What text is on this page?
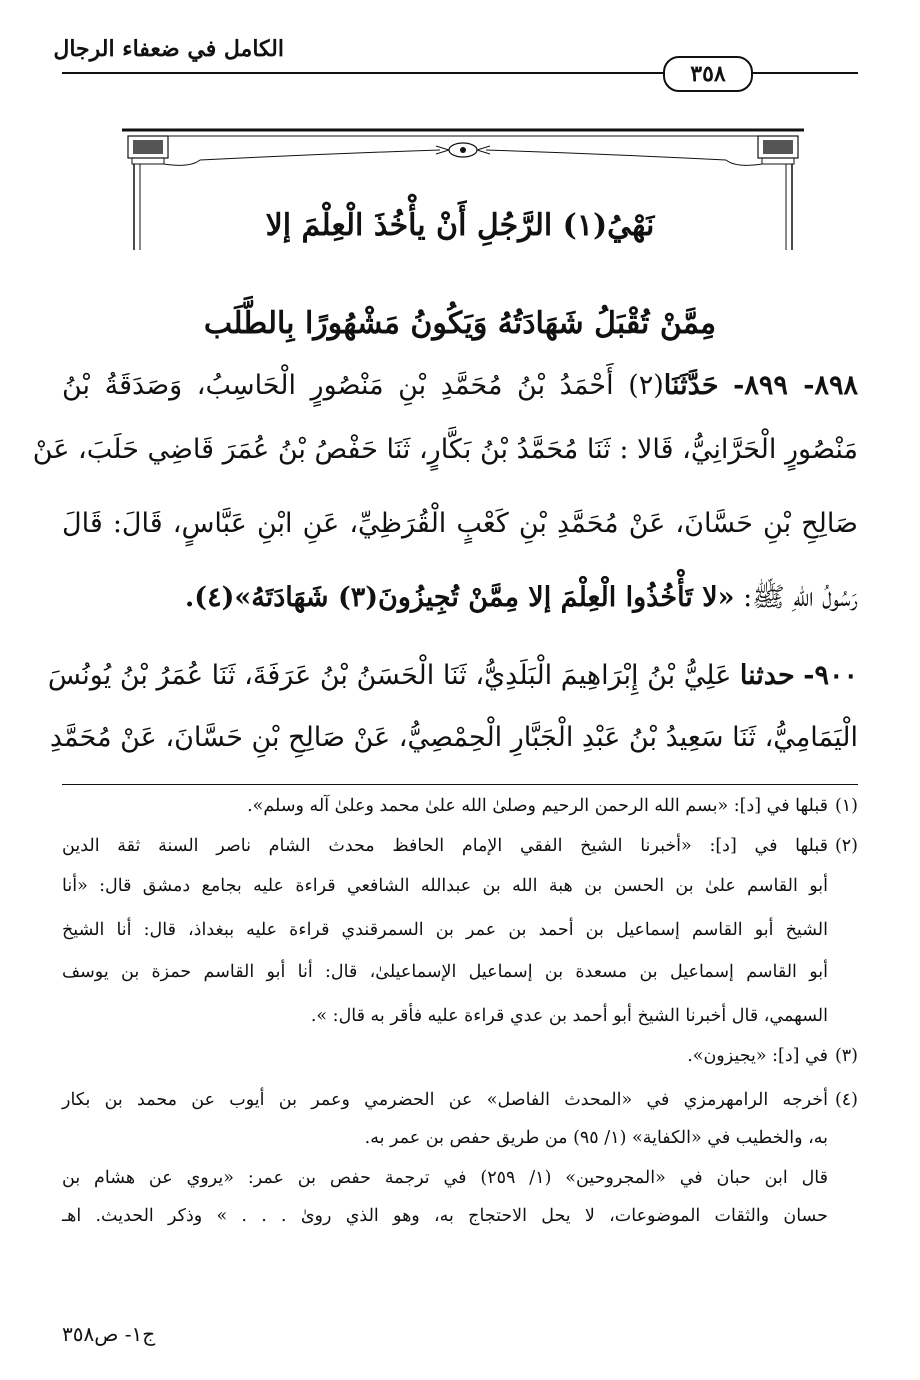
الكامل في ضعفاء الرجال
٣٥٨
نَهْيُ(١) الرَّجُلِ أَنْ يأْخُذَ الْعِلْمَ إلا
مِمَّنْ تُقْبَلُ شَهَادَتُهُ وَيَكُونُ مَشْهُورًا بِالطَّلَب
٨٩٨- ٨٩٩- حَدَّثَنَا(٢) أَحْمَدُ بْنُ مُحَمَّدِ بْنِ مَنْصُورٍ الْحَاسِبُ، وَصَدَقَةُ بْنُ
مَنْصُورٍ الْحَرَّانِيُّ، قَالا : ثَنَا مُحَمَّدُ بْنُ بَكَّارٍ، ثَنَا حَفْصُ بْنُ عُمَرَ قَاضِي حَلَبَ، عَنْ
صَالِحِ بْنِ حَسَّانَ، عَنْ مُحَمَّدِ بْنِ كَعْبٍ الْقُرَظِيِّ، عَنِ ابْنِ عَبَّاسٍ، قَالَ: قَالَ
رَسُولُ اللهِ ﷺ: «لا تَأْخُذُوا الْعِلْمَ إلا مِمَّنْ تُجِيزُونَ(٣) شَهَادَتَهُ»(٤).
٩٠٠- حدثنا عَلِيُّ بْنُ إِبْرَاهِيمَ الْبَلَدِيُّ، ثَنَا الْحَسَنُ بْنُ عَرَفَةَ، ثَنَا عُمَرُ بْنُ يُونُسَ
الْيَمَامِيُّ، ثَنَا سَعِيدُ بْنُ عَبْدِ الْجَبَّارِ الْحِمْصِيُّ، عَنْ صَالِحِ بْنِ حَسَّانَ، عَنْ مُحَمَّدِ
(١)قبلها في [د]: «بسم الله الرحمن الرحيم وصلىٰ الله علىٰ محمد وعلىٰ آله وسلم».
(٢)قبلها في [د]: «أخبرنا الشيخ الفقي الإمام الحافظ محدث الشام ناصر السنة ثقة الدين
أبو القاسم علىٰ بن الحسن بن هبة الله بن عبدالله الشافعي قراءة عليه بجامع دمشق قال: «أنا
الشيخ أبو القاسم إسماعيل بن أحمد بن عمر بن السمرقندي قراءة عليه ببغداذ، قال: أنا الشيخ
أبو القاسم إسماعيل بن مسعدة بن إسماعيل الإسماعيلىٰ، قال: أنا أبو القاسم حمزة بن يوسف
السهمي، قال أخبرنا الشيخ أبو أحمد بن عدي قراءة عليه فأقر به قال: ».
(٣)في [د]: «يجيزون».
(٤)أخرجه الرامهرمزي في «المحدث الفاصل» عن الحضرمي وعمر بن أيوب عن محمد بن بكار
به، والخطيب في «الكفاية» (١/ ٩٥) من طريق حفص بن عمر به.
قال ابن حبان في «المجروحين» (١/ ٢٥٩) في ترجمة حفص بن عمر: «يروي عن هشام بن
حسان والثقات الموضوعات، لا يحل الاحتجاج به، وهو الذي روىٰ . . . » وذكر الحديث. اهـ
ج١- ص٣٥٨
